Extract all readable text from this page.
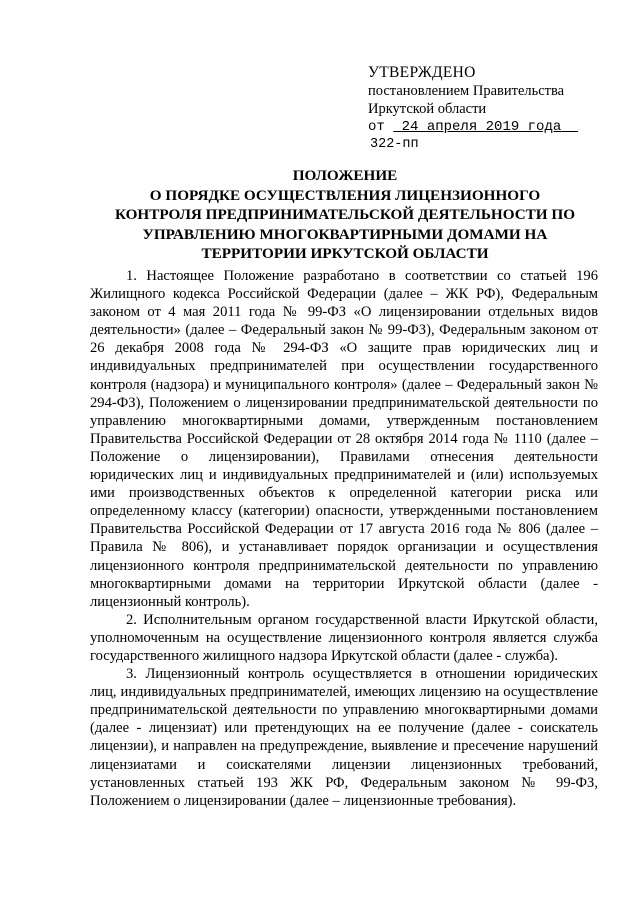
УТВЕРЖДЕНО
постановлением Правительства
Иркутской области
от 24 апреля 2019 года
322-пп
ПОЛОЖЕНИЕ
О ПОРЯДКЕ ОСУЩЕСТВЛЕНИЯ ЛИЦЕНЗИОННОГО
КОНТРОЛЯ ПРЕДПРИНИМАТЕЛЬСКОЙ ДЕЯТЕЛЬНОСТИ ПО
УПРАВЛЕНИЮ МНОГОКВАРТИРНЫМИ ДОМАМИ НА
ТЕРРИТОРИИ ИРКУТСКОЙ ОБЛАСТИ

1. Настоящее Положение разработано в соответствии со статьей 196 Жилищного кодекса Российской Федерации (далее – ЖК РФ), Федеральным законом от 4 мая 2011 года № 99-ФЗ «О лицензировании отдельных видов деятельности» (далее – Федеральный закон № 99-ФЗ), Федеральным законом от 26 декабря 2008 года № 294-ФЗ «О защите прав юридических лиц и индивидуальных предпринимателей при осуществлении государственного контроля (надзора) и муниципального контроля» (далее – Федеральный закон № 294-ФЗ), Положением о лицензировании предпринимательской деятельности по управлению многоквартирными домами, утвержденным постановлением Правительства Российской Федерации от 28 октября 2014 года № 1110 (далее – Положение о лицензировании), Правилами отнесения деятельности юридических лиц и индивидуальных предпринимателей и (или) используемых ими производственных объектов к определенной категории риска или определенному классу (категории) опасности, утвержденными постановлением Правительства Российской Федерации от 17 августа 2016 года № 806 (далее – Правила № 806), и устанавливает порядок организации и осуществления лицензионного контроля предпринимательской деятельности по управлению многоквартирными домами на территории Иркутской области (далее - лицензионный контроль).

2. Исполнительным органом государственной власти Иркутской области, уполномоченным на осуществление лицензионного контроля является служба государственного жилищного надзора Иркутской области (далее - служба).

3. Лицензионный контроль осуществляется в отношении юридических лиц, индивидуальных предпринимателей, имеющих лицензию на осуществление предпринимательской деятельности по управлению многоквартирными домами (далее - лицензиат) или претендующих на ее получение (далее - соискатель лицензии), и направлен на предупреждение, выявление и пресечение нарушений лицензиатами и соискателями лицензии лицензионных требований, установленных статьей 193 ЖК РФ, Федеральным законом № 99-ФЗ, Положением о лицензировании (далее – лицензионные требования).
